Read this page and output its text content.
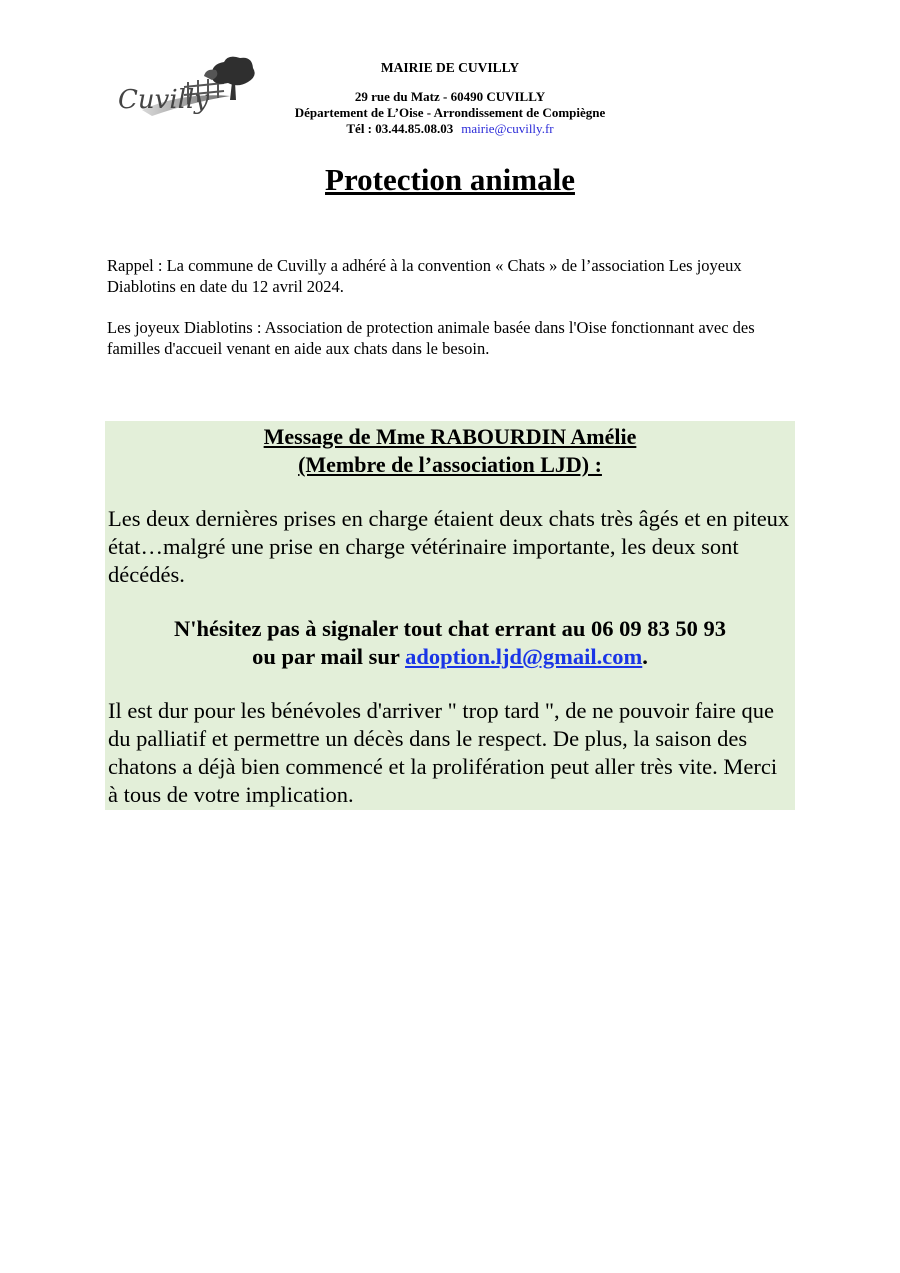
Cuvilly
MAIRIE DE CUVILLY
29 rue du Matz - 60490 CUVILLY
Département de L’Oise - Arrondissement de Compiègne
Tél : 03.44.85.08.03 mairie@cuvilly.fr
Protection animale

Rappel : La commune de Cuvilly a adhéré à la convention « Chats » de l’association Les joyeux Diablotins en date du 12 avril 2024.

Les joyeux Diablotins : Association de protection animale basée dans l'Oise fonctionnant avec des familles d'accueil venant en aide aux chats dans le besoin.

Message de Mme RABOURDIN Amélie
(Membre de l’association LJD) :

Les deux dernières prises en charge étaient deux chats très âgés et en piteux état…malgré une prise en charge vétérinaire importante, les deux sont décédés.

N'hésitez pas à signaler tout chat errant au 06 09 83 50 93
ou par mail sur adoption.ljd@gmail.com.

Il est dur pour les bénévoles d'arriver " trop tard ", de ne pouvoir faire que du palliatif et permettre un décès dans le respect. De plus, la saison des chatons a déjà bien commencé et la prolifération peut aller très vite. Merci à tous de votre implication.
